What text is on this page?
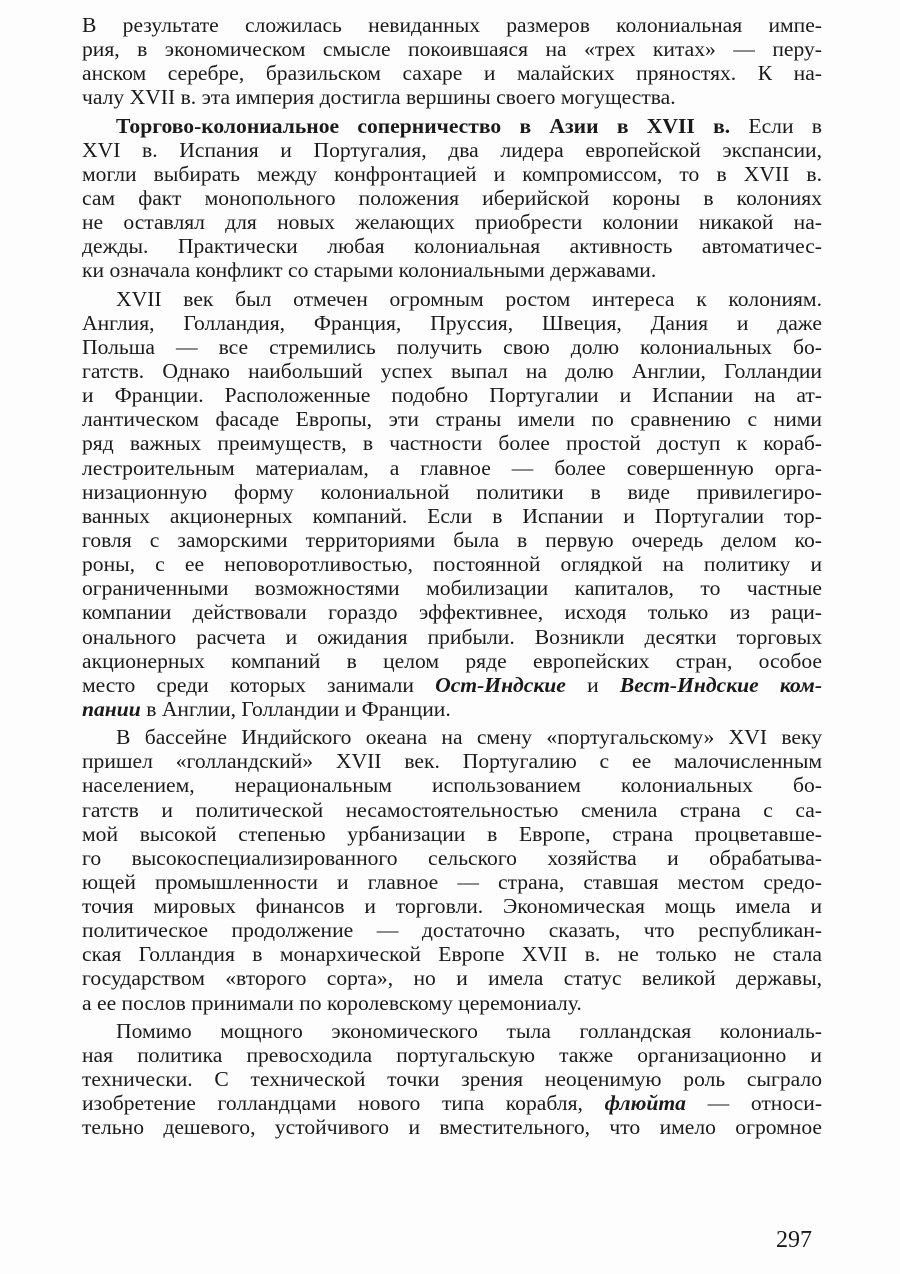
В результате сложилась невиданных размеров колониальная импе-
рия, в экономическом смысле покоившаяся на «трех китах» — перу-
анском серебре, бразильском сахаре и малайских пряностях. К на-
чалу XVII в. эта империя достигла вершины своего могущества.
Торгово-колониальное соперничество в Азии в XVII в. Если в
XVI в. Испания и Португалия, два лидера европейской экспансии,
могли выбирать между конфронтацией и компромиссом, то в XVII в.
сам факт монопольного положения иберийской короны в колониях
не оставлял для новых желающих приобрести колонии никакой на-
дежды. Практически любая колониальная активность автоматичес-
ки означала конфликт со старыми колониальными державами.
XVII век был отмечен огромным ростом интереса к колониям.
Англия, Голландия, Франция, Пруссия, Швеция, Дания и даже
Польша — все стремились получить свою долю колониальных бо-
гатств. Однако наибольший успех выпал на долю Англии, Голландии
и Франции. Расположенные подобно Португалии и Испании на ат-
лантическом фасаде Европы, эти страны имели по сравнению с ними
ряд важных преимуществ, в частности более простой доступ к кораб-
лестроительным материалам, а главное — более совершенную орга-
низационную форму колониальной политики в виде привилегиро-
ванных акционерных компаний. Если в Испании и Португалии тор-
говля с заморскими территориями была в первую очередь делом ко-
роны, с ее неповоротливостью, постоянной оглядкой на политику и
ограниченными возможностями мобилизации капиталов, то частные
компании действовали гораздо эффективнее, исходя только из раци-
онального расчета и ожидания прибыли. Возникли десятки торговых
акционерных компаний в целом ряде европейских стран, особое
место среди которых занимали Ост-Индские и Вест-Индские ком-
пании в Англии, Голландии и Франции.
В бассейне Индийского океана на смену «португальскому» XVI веку
пришел «голландский» XVII век. Португалию с ее малочисленным
населением, нерациональным использованием колониальных бо-
гатств и политической несамостоятельностью сменила страна с са-
мой высокой степенью урбанизации в Европе, страна процветавше-
го высокоспециализированного сельского хозяйства и обрабатыва-
ющей промышленности и главное — страна, ставшая местом средо-
точия мировых финансов и торговли. Экономическая мощь имела и
политическое продолжение — достаточно сказать, что республикан-
ская Голландия в монархической Европе XVII в. не только не стала
государством «второго сорта», но и имела статус великой державы,
а ее послов принимали по королевскому церемониалу.
Помимо мощного экономического тыла голландская колониаль-
ная политика превосходила португальскую также организационно и
технически. С технической точки зрения неоценимую роль сыграло
изобретение голландцами нового типа корабля, флюйта — относи-
тельно дешевого, устойчивого и вместительного, что имело огромное
297
